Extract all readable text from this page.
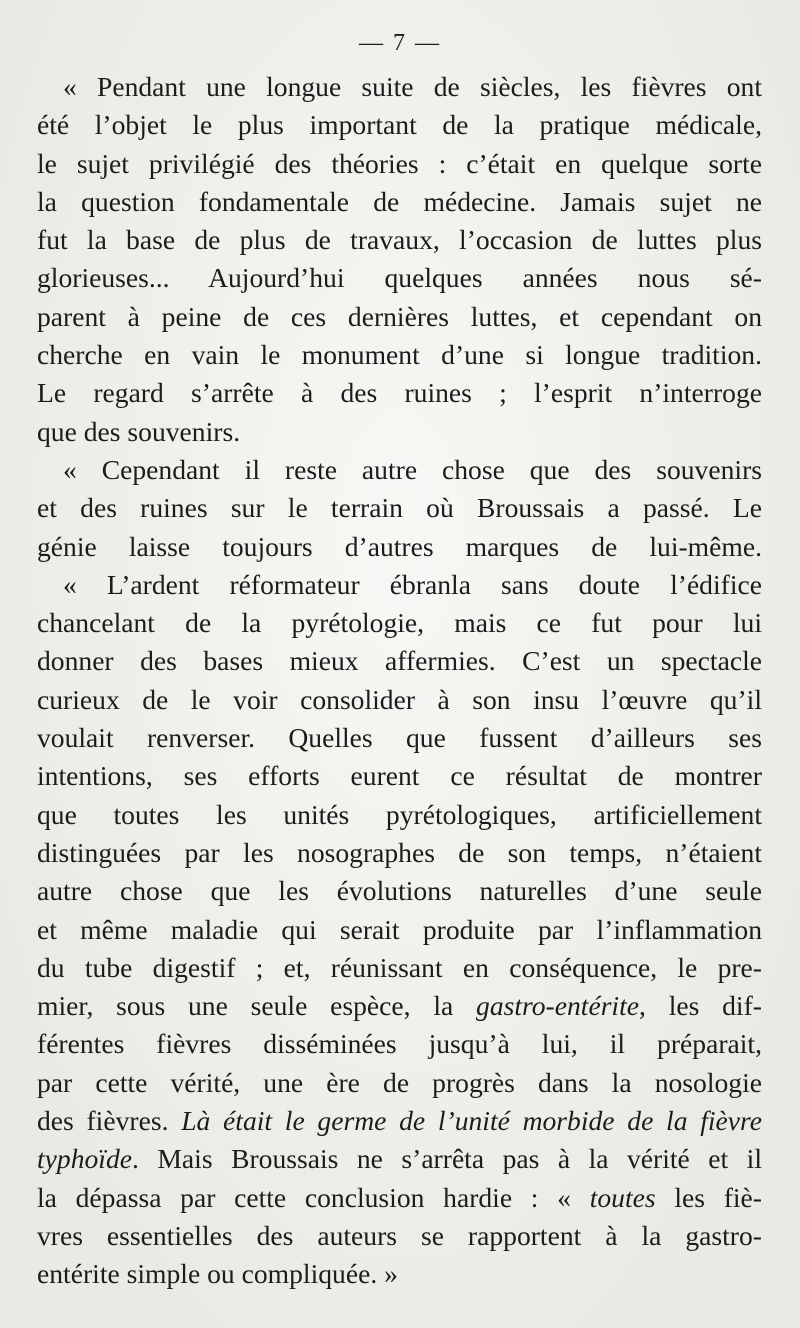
— 7 —
« Pendant une longue suite de siècles, les fièvres ont
été l’objet le plus important de la pratique médicale,
le sujet privilégié des théories : c’était en quelque sorte
la question fondamentale de médecine. Jamais sujet ne
fut la base de plus de travaux, l’occasion de luttes plus
glorieuses... Aujourd’hui quelques années nous sé-
parent à peine de ces dernières luttes, et cependant on
cherche en vain le monument d’une si longue tradition.
Le regard s’arrête à des ruines ; l’esprit n’interroge
que des souvenirs.
« Cependant il reste autre chose que des souvenirs
et des ruines sur le terrain où Broussais a passé. Le
génie laisse toujours d’autres marques de lui-même.
« L’ardent réformateur ébranla sans doute l’édifice
chancelant de la pyrétologie, mais ce fut pour lui
donner des bases mieux affermies. C’est un spectacle
curieux de le voir consolider à son insu l’œuvre qu’il
voulait renverser. Quelles que fussent d’ailleurs ses
intentions, ses efforts eurent ce résultat de montrer
que toutes les unités pyrétologiques, artificiellement
distinguées par les nosographes de son temps, n’étaient
autre chose que les évolutions naturelles d’une seule
et même maladie qui serait produite par l’inflammation
du tube digestif ; et, réunissant en conséquence, le pre-
mier, sous une seule espèce, la gastro-entérite, les dif-
férentes fièvres disséminées jusqu’à lui, il préparait,
par cette vérité, une ère de progrès dans la nosologie
des fièvres. Là était le germe de l’unité morbide de la fièvre
typhoïde. Mais Broussais ne s’arrêta pas à la vérité et il
la dépassa par cette conclusion hardie : « toutes les fiè-
vres essentielles des auteurs se rapportent à la gastro-
entérite simple ou compliquée. »
